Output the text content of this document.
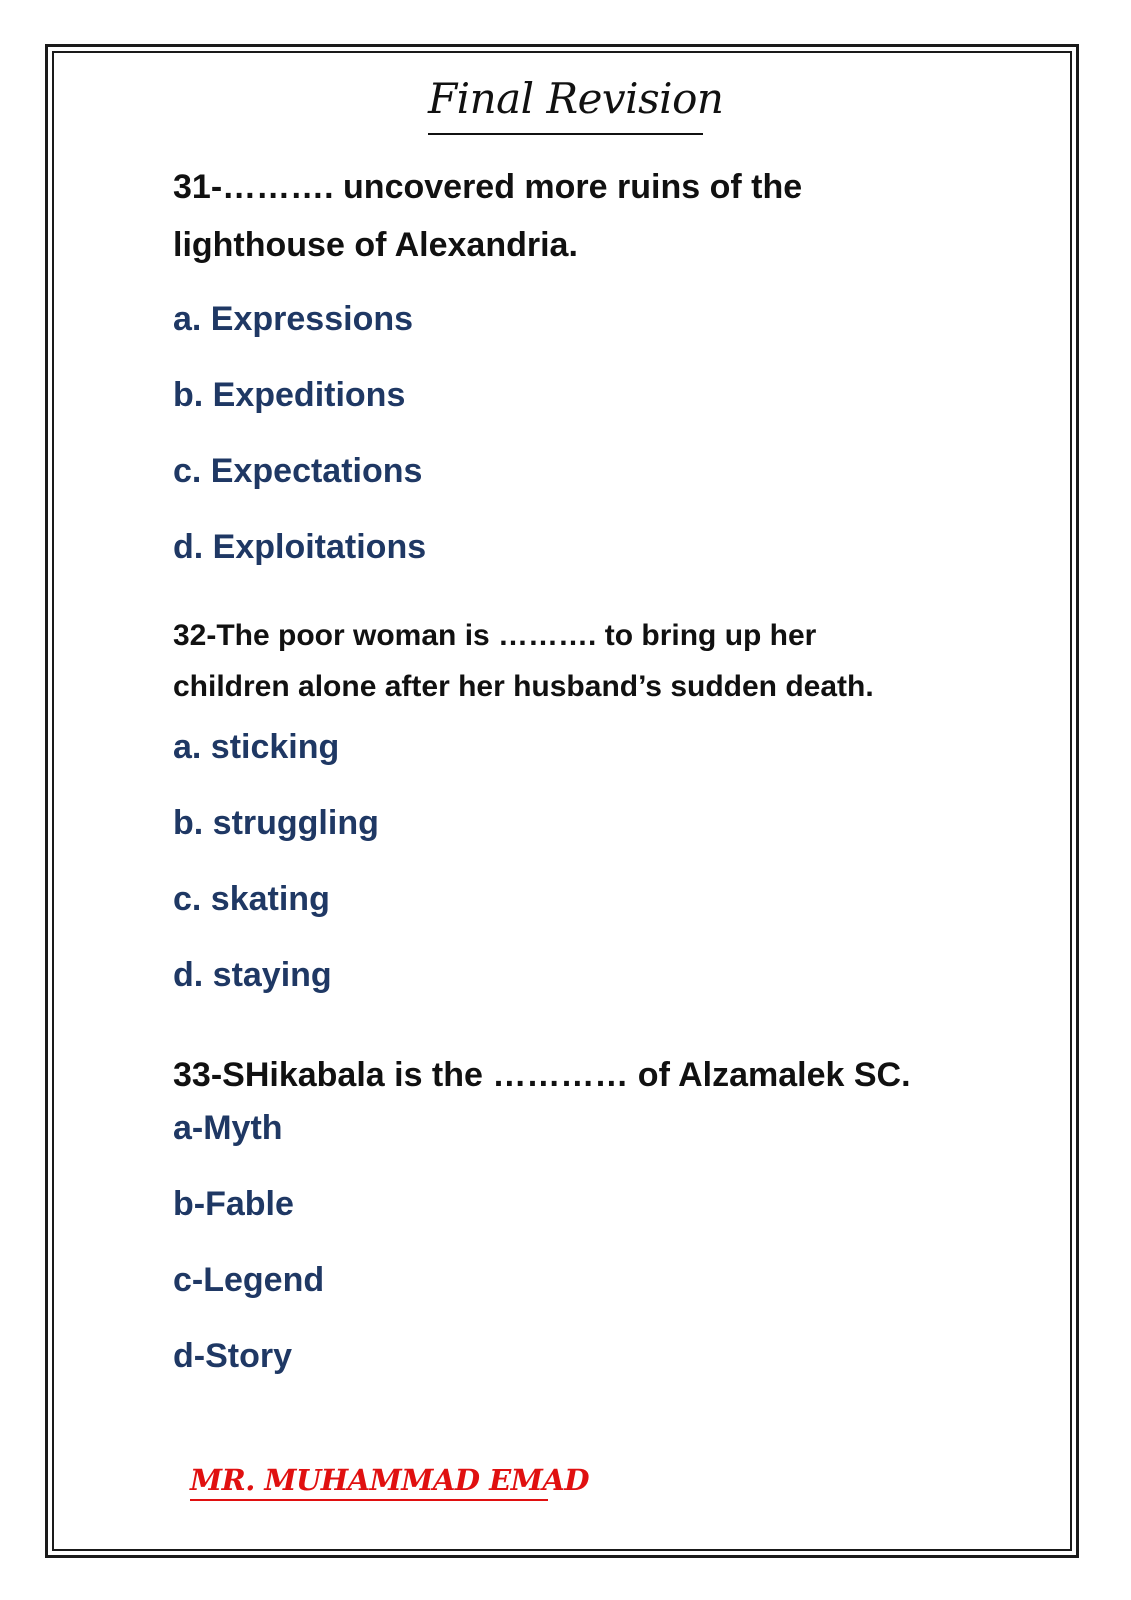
Final Revision
31-………. uncovered more ruins of the
lighthouse of Alexandria.
a. Expressions
b. Expeditions
c. Expectations
d. Exploitations
32-The poor woman is ………. to bring up her
children alone after her husband’s sudden death.
a. sticking
b. struggling
c. skating
d. staying
33-SHikabala is the ………… of Alzamalek SC.
a-Myth
b-Fable
c-Legend
d-Story
MR. MUHAMMAD EMAD
